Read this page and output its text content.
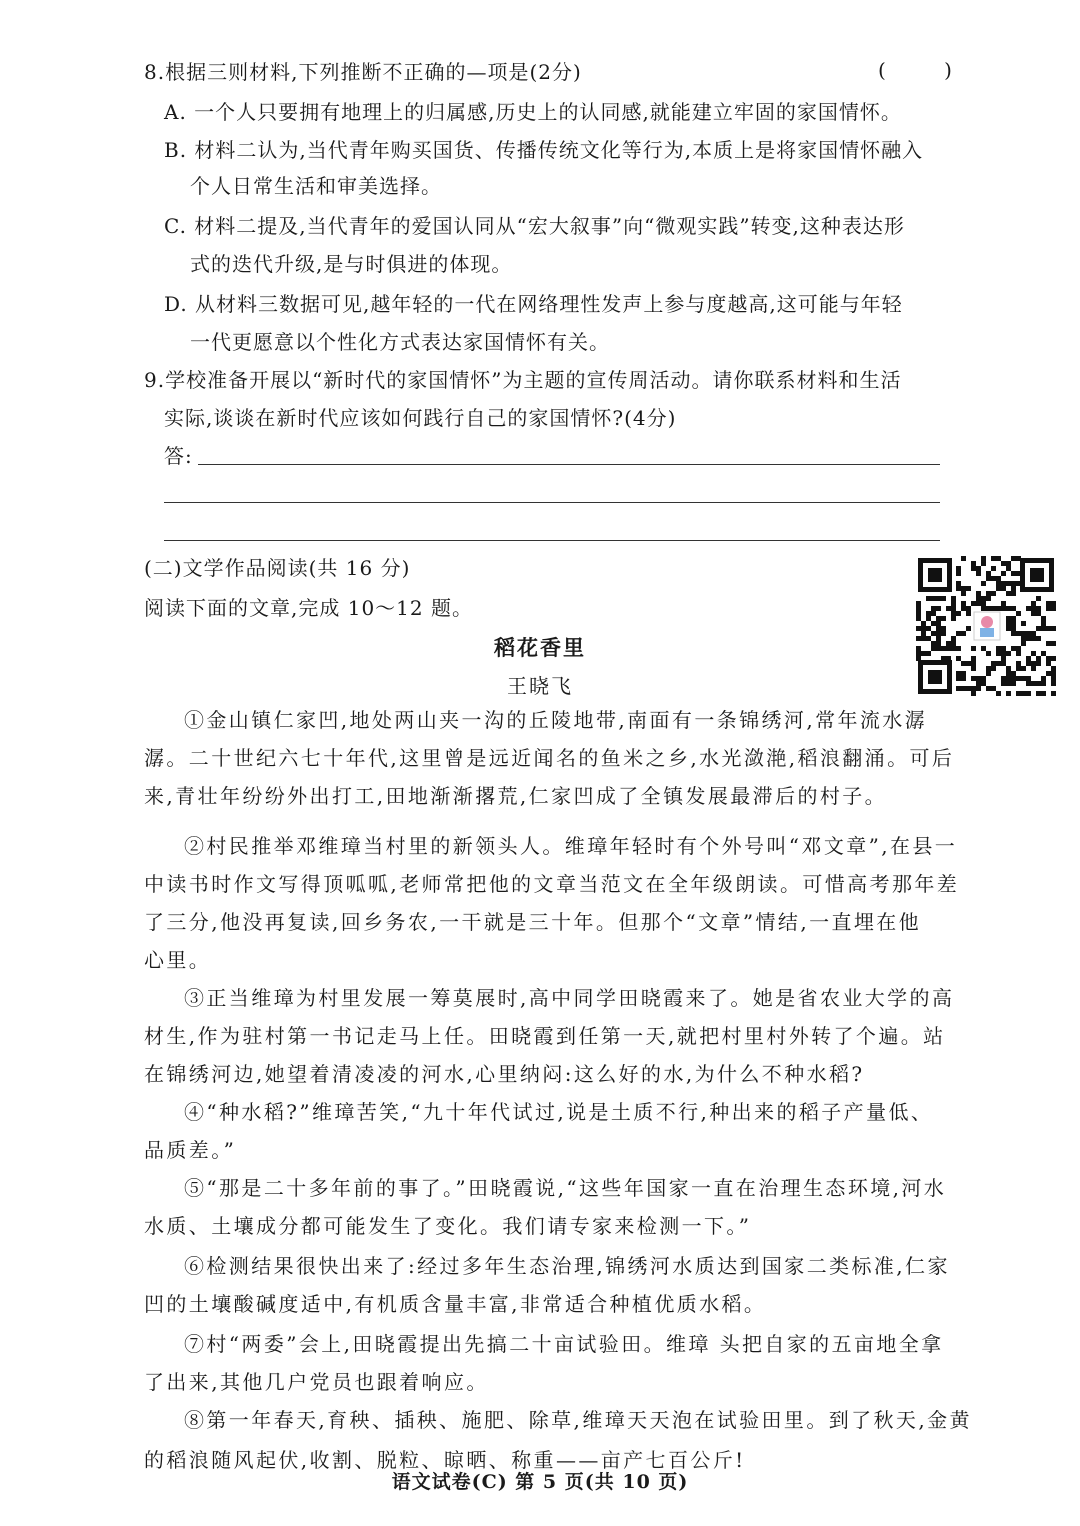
8.根据三则材料,下列推断不正确的—项是(2分)	( )
A. 一个人只要拥有地理上的归属感,历史上的认同感,就能建立牢固的家国情怀。
B. 材料二认为,当代青年购买国货、传播传统文化等行为,本质上是将家国情怀融入
个人日常生活和审美选择。
C. 材料二提及,当代青年的爱国认同从“宏大叙事”向“微观实践”转变,这种表达形
式的迭代升级,是与时俱进的体现。
D. 从材料三数据可见,越年轻的一代在网络理性发声上参与度越高,这可能与年轻
一代更愿意以个性化方式表达家国情怀有关。
9.学校准备开展以“新时代的家国情怀”为主题的宣传周活动。请你联系材料和生活
实际,谈谈在新时代应该如何践行自己的家国情怀?(4分)
答:
(二)文学作品阅读(共 16 分)
阅读下面的文章,完成 10～12 题。
稻花香里
王晓飞
①金山镇仁家凹,地处两山夹一沟的丘陵地带,南面有一条锦绣河,常年流水潺
潺。二十世纪六七十年代,这里曾是远近闻名的鱼米之乡,水光潋滟,稻浪翻涌。可后
来,青壮年纷纷外出打工,田地渐渐撂荒,仁家凹成了全镇发展最滞后的村子。
②村民推举邓维璋当村里的新领头人。维璋年轻时有个外号叫“邓文章”,在县一
中读书时作文写得顶呱呱,老师常把他的文章当范文在全年级朗读。可惜高考那年差
了三分,他没再复读,回乡务农,一干就是三十年。但那个“文章”情结,一直埋在他
心里。
③正当维璋为村里发展一筹莫展时,高中同学田晓霞来了。她是省农业大学的高
材生,作为驻村第一书记走马上任。田晓霞到任第一天,就把村里村外转了个遍。站
在锦绣河边,她望着清凌凌的河水,心里纳闷:这么好的水,为什么不种水稻?
④“种水稻?”维璋苦笑,“九十年代试过,说是土质不行,种出来的稻子产量低、
品质差。”
⑤“那是二十多年前的事了。”田晓霞说,“这些年国家一直在治理生态环境,河水
水质、土壤成分都可能发生了变化。我们请专家来检测一下。”
⑥检测结果很快出来了:经过多年生态治理,锦绣河水质达到国家二类标准,仁家
凹的土壤酸碱度适中,有机质含量丰富,非常适合种植优质水稻。
⑦村“两委”会上,田晓霞提出先搞二十亩试验田。维璋 头把自家的五亩地全拿
了出来,其他几户党员也跟着响应。
⑧第一年春天,育秧、插秧、施肥、除草,维璋天天泡在试验田里。到了秋天,金黄
的稻浪随风起伏,收割、脱粒、晾晒、称重——亩产七百公斤!
语文试卷(C) 第 5 页(共 10 页)
